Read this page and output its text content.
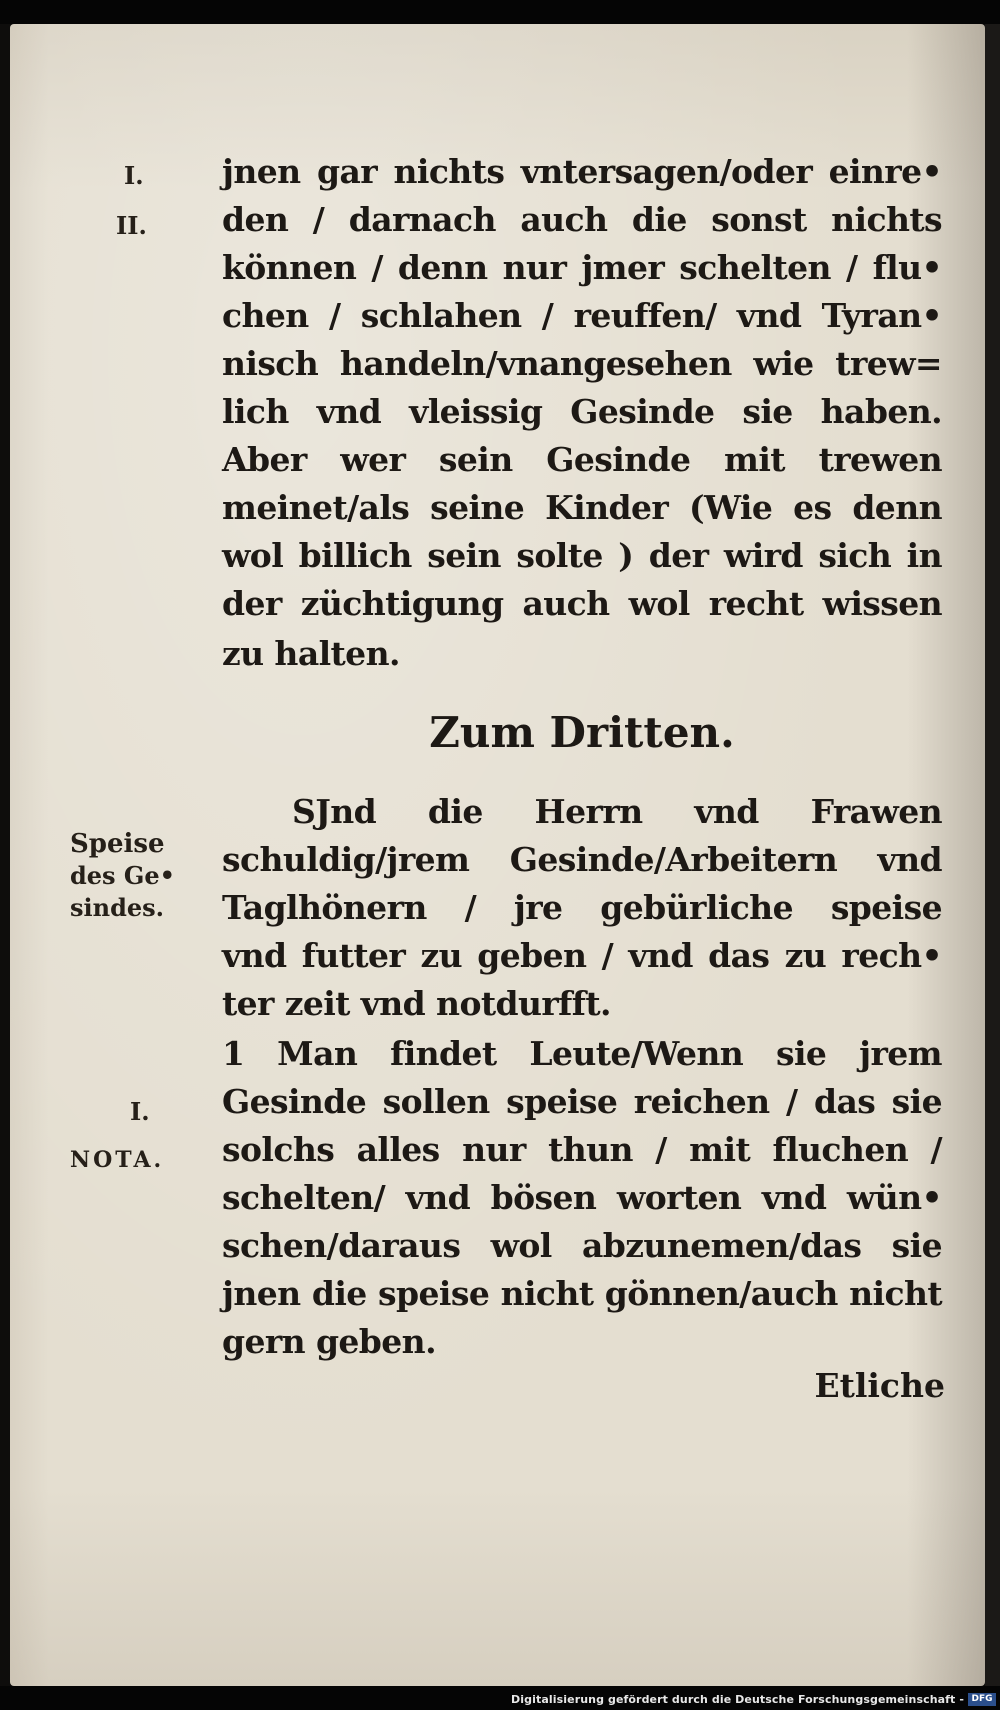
jnen gar nichts vntersagen/oder einre•
den / darnach auch die sonst nichts
können / denn nur jmer schelten / flu•
chen / schlahen / reuffen/ vnd Tyran•
nisch handeln/vnangesehen wie trew=
lich vnd vleissig Gesinde sie haben.
Aber wer sein Gesinde mit trewen
meinet/als seine Kinder (Wie es denn
wol billich sein solte ) der wird sich in
der züchtigung auch wol recht wissen
zu halten.
Zum Dritten.
SJnd die Herrn vnd Frawen
schuldig/jrem Gesinde/Arbeitern vnd
Taglhönern / jre gebürliche speise
vnd futter zu geben / vnd das zu rech•
ter zeit vnd notdurfft.
1 Man findet Leute/Wenn sie jrem
Gesinde sollen speise reichen / das sie
solchs alles nur thun / mit fluchen /
schelten/ vnd bösen worten vnd wün•
schen/daraus wol abzunemen/das sie
jnen die speise nicht gönnen/auch nicht
gern geben.
Etliche
I.
II.
Speise
des Ge•
sindes.
I.
NOTA.
Digitalisierung gefördert durch die Deutsche Forschungsgemeinschaft - DFG
